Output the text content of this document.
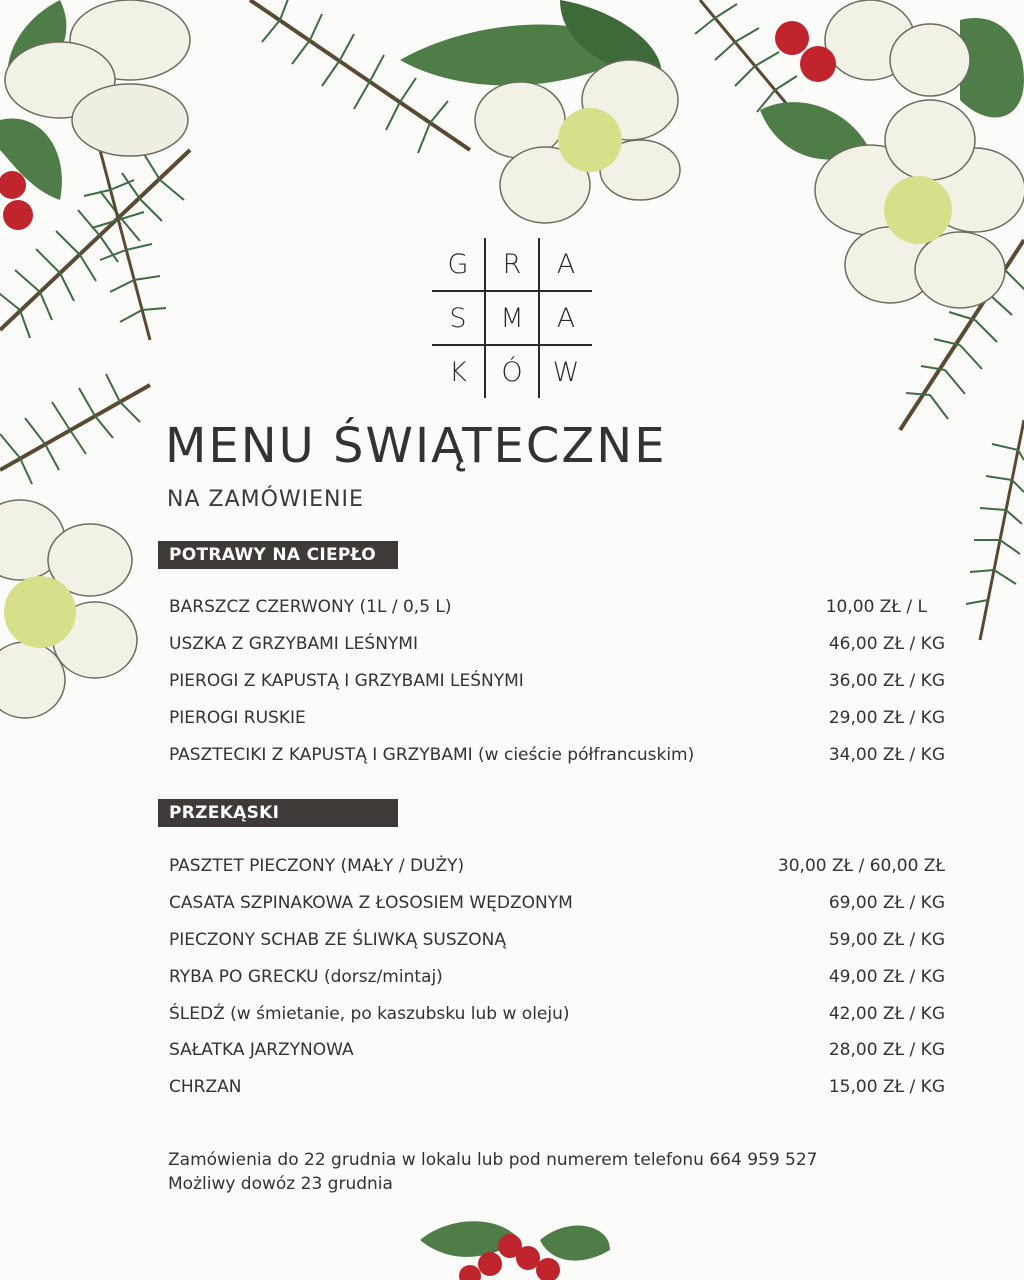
G	R	A
S	M	A
K	Ó	W
MENU ŚWIĄTECZNE
NA ZAMÓWIENIE
POTRAWY NA CIEPŁO
BARSZCZ CZERWONY (1L / 0,5 L)	10,00 ZŁ / L
USZKA Z GRZYBAMI LEŚNYMI	46,00 ZŁ / KG
PIEROGI Z KAPUSTĄ I GRZYBAMI LEŚNYMI	36,00 ZŁ / KG
PIEROGI RUSKIE	29,00 ZŁ / KG
PASZTECIKI Z KAPUSTĄ I GRZYBAMI (w cieście półfrancuskim)	34,00 ZŁ / KG
PRZEKĄSKI
PASZTET PIECZONY (MAŁY / DUŻY)	30,00 ZŁ / 60,00 ZŁ
CASATA SZPINAKOWA Z ŁOSOSIEM WĘDZONYM	69,00 ZŁ / KG
PIECZONY SCHAB ZE ŚLIWKĄ SUSZONĄ	59,00 ZŁ / KG
RYBA PO GRECKU (dorsz/mintaj)	49,00 ZŁ / KG
ŚLEDŹ (w śmietanie, po kaszubsku lub w oleju)	42,00 ZŁ / KG
SAŁATKA JARZYNOWA	28,00 ZŁ / KG
CHRZAN	15,00 ZŁ / KG
Zamówienia do 22 grudnia w lokalu lub pod numerem telefonu 664 959 527
Możliwy dowóz 23 grudnia
